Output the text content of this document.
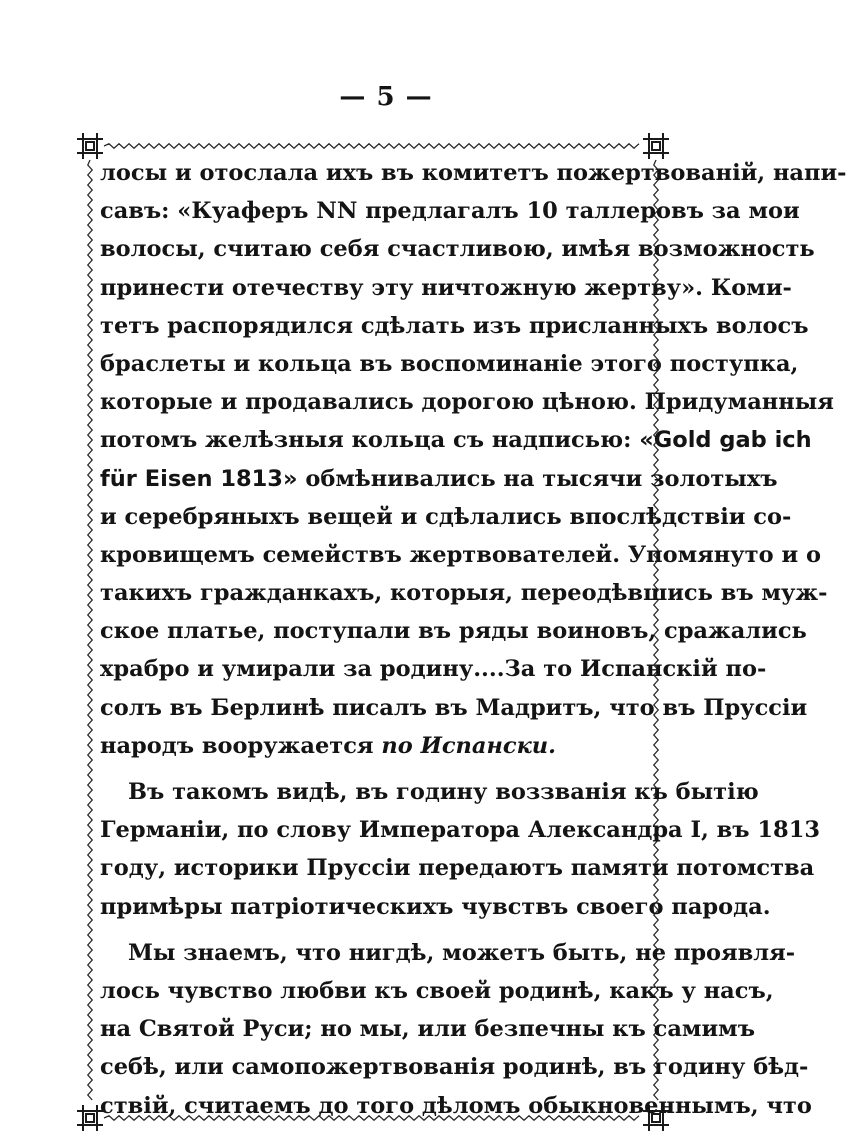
— 5 —
лосы и отослала ихъ въ комитетъ пожертвованій, напи-
савъ: «Куаферъ NN предлагалъ 10 таллеровъ за мои
волосы, считаю себя счастливою, имѣя возможность
принести отечеству эту ничтожную жертву». Коми-
тетъ распорядился сдѣлать изъ присланныхъ волосъ
браслеты и кольца въ воспоминаніе этого поступка,
которые и продавались дорогою цѣною. Придуманныя
потомъ желѣзныя кольца съ надписью: «Gold gab ich
für Eisen 1813» обмѣнивались на тысячи золотыхъ
и серебряныхъ вещей и сдѣлались впослѣдствіи со-
кровищемъ семействъ жертвователей. Упомянуто и о
такихъ гражданкахъ, которыя, переодѣвшись въ муж-
ское платье, поступали въ ряды воиновъ, сражались
храбро и умирали за родину....За то Испанскій по-
солъ въ Берлинѣ писалъ въ Мадритъ, что въ Пруссіи
народъ вооружается по Испански.
Въ такомъ видѣ, въ годину воззванія къ бытію
Германіи, по слову Императора Александра I, въ 1813
году, историки Пруссіи передаютъ памяти потомства
примѣры патріотическихъ чувствъ своего парода.
Мы знаемъ, что нигдѣ, можетъ быть, не проявля-
лось чувство любви къ своей родинѣ, какъ у насъ,
на Святой Руси; но мы, или безпечны къ самимъ
себѣ, или самопожертвованія родинѣ, въ годину бѣд-
ствій, считаемъ до того дѣломъ обыкновеннымъ, что
